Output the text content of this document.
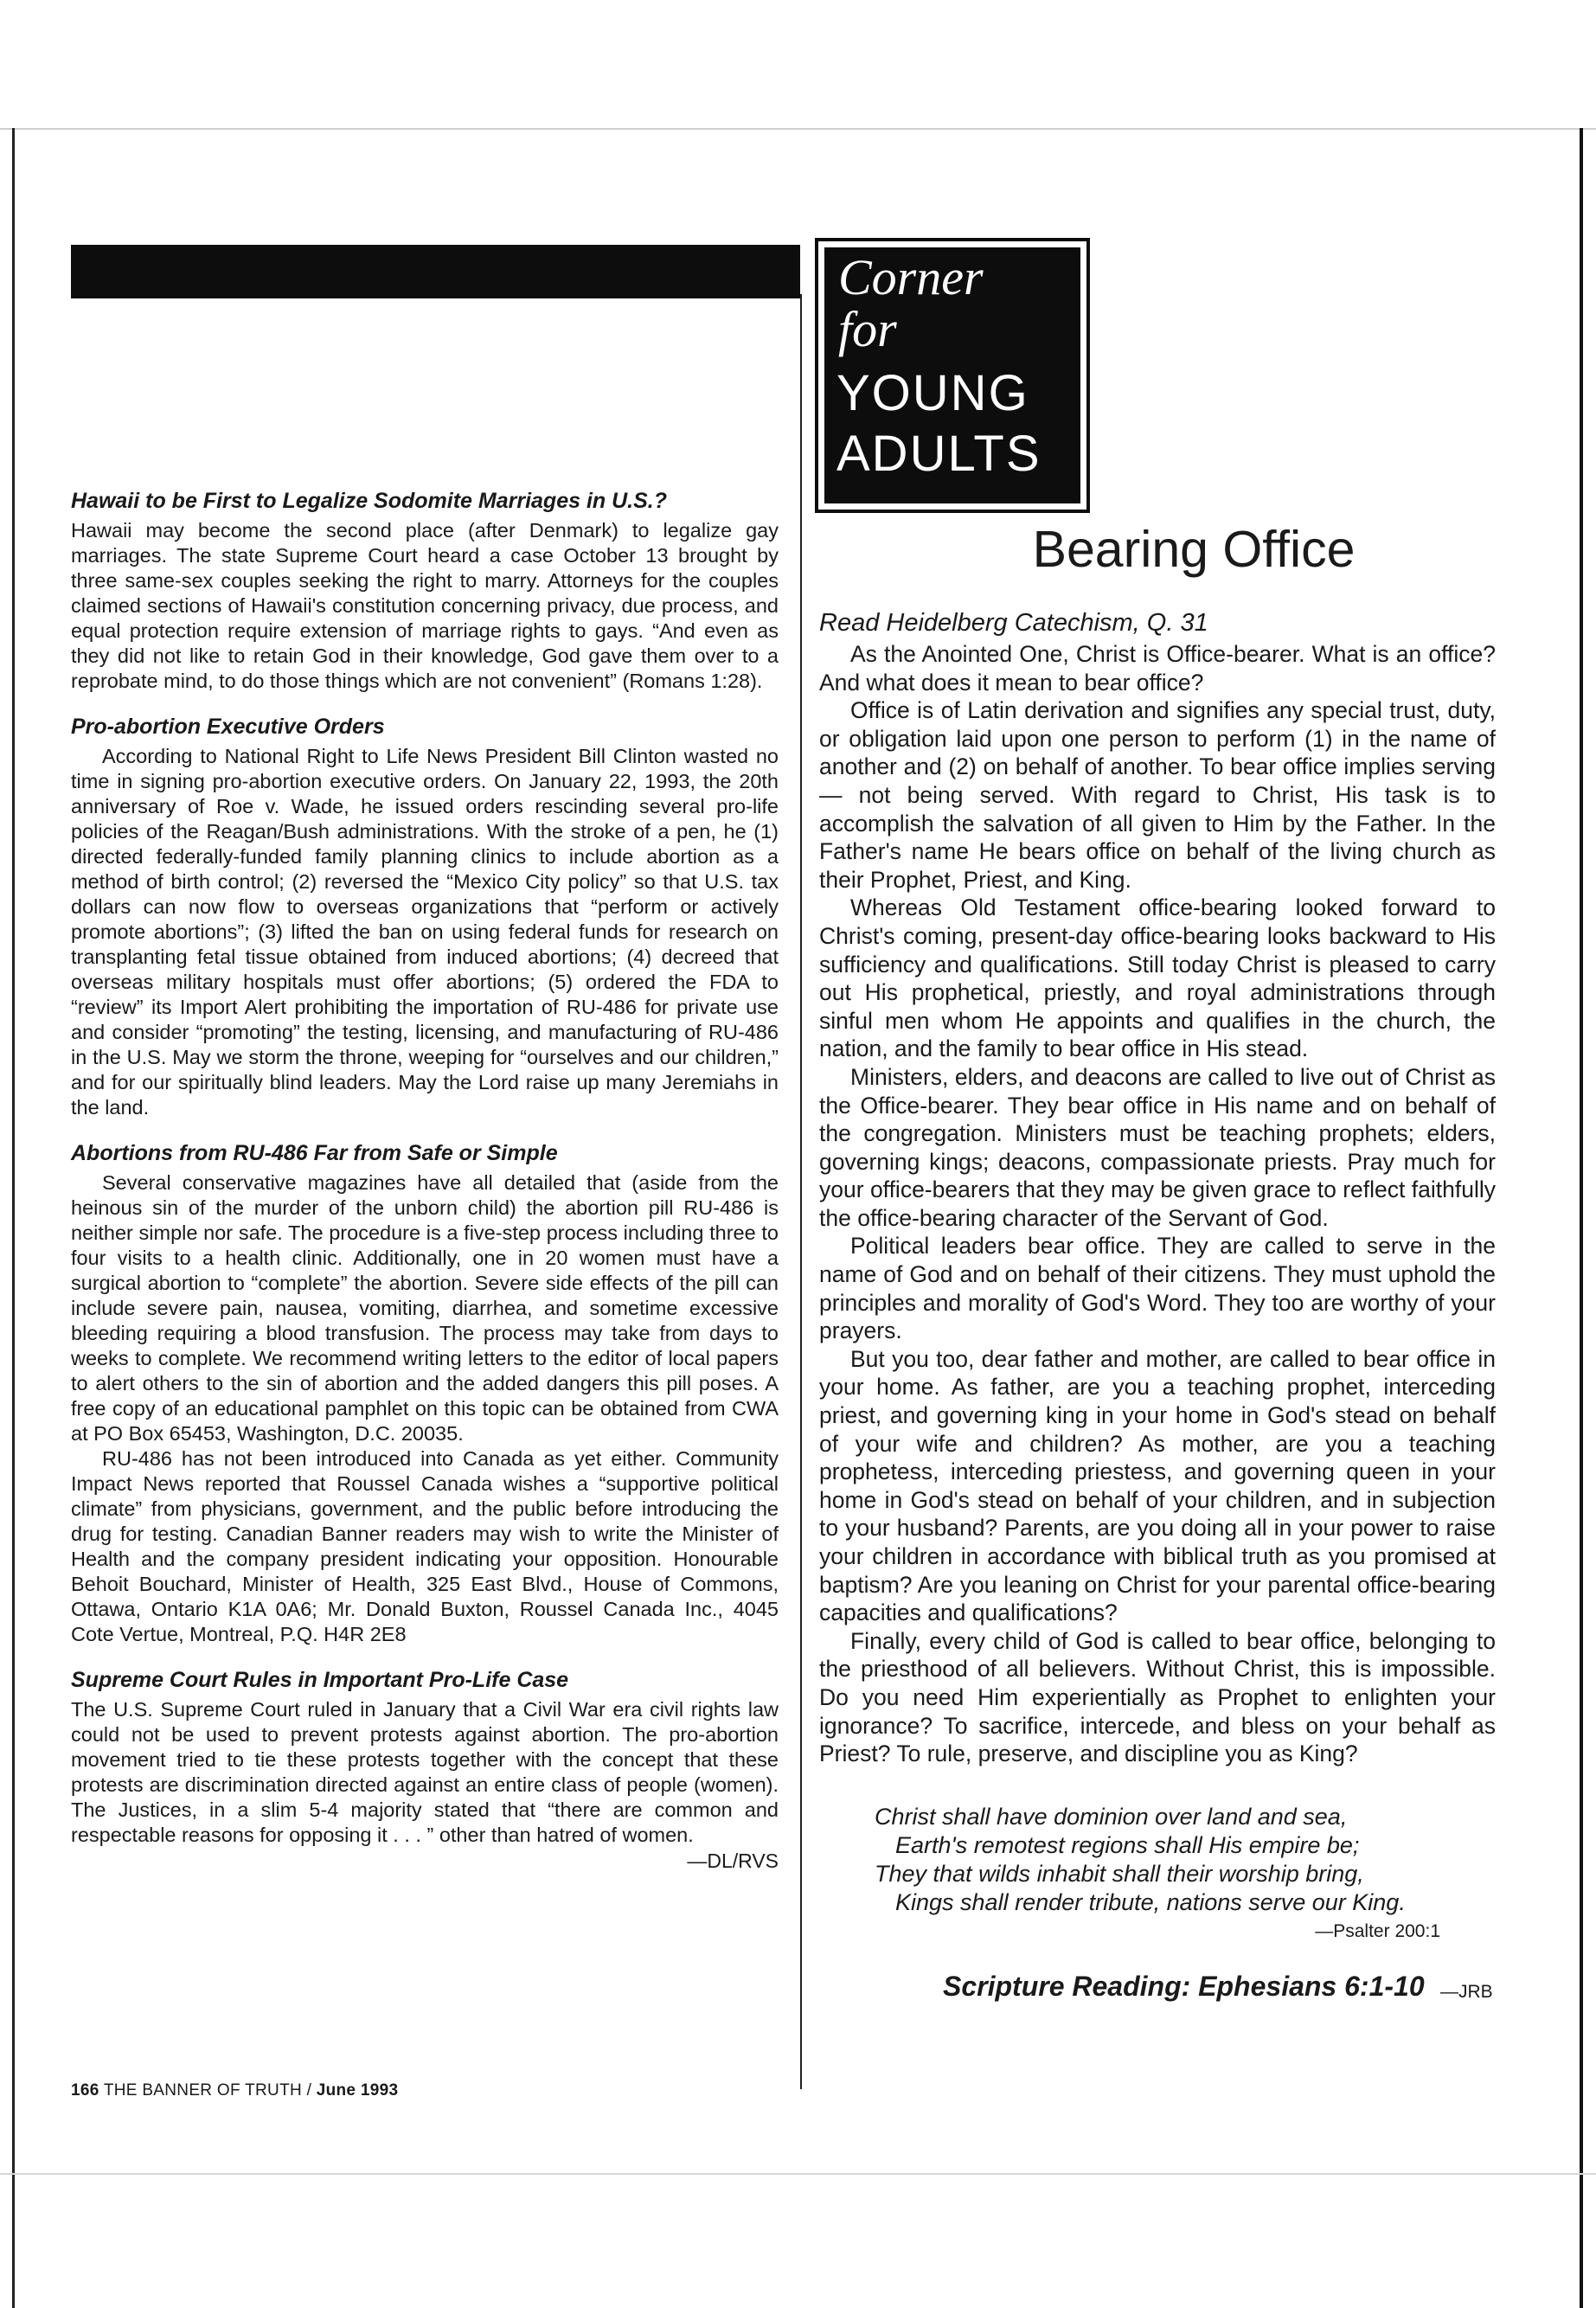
Corner
for
YOUNG
ADULTS
Hawaii to be First to Legalize Sodomite Marriages in U.S.?

Hawaii may become the second place (after Denmark) to legalize gay marriages. The state Supreme Court heard a case October 13 brought by three same-sex couples seeking the right to marry. Attorneys for the couples claimed sections of Hawaii's constitution concerning privacy, due process, and equal protection require extension of marriage rights to gays. “And even as they did not like to retain God in their knowledge, God gave them over to a reprobate mind, to do those things which are not convenient” (Romans 1:28).

Pro-abortion Executive Orders

According to National Right to Life News President Bill Clinton wasted no time in signing pro-abortion executive orders. On January 22, 1993, the 20th anniversary of Roe v. Wade, he issued orders rescinding several pro-life policies of the Reagan/Bush administrations. With the stroke of a pen, he (1) directed federally-funded family planning clinics to include abortion as a method of birth control; (2) reversed the “Mexico City policy” so that U.S. tax dollars can now flow to overseas organizations that “perform or actively promote abortions”; (3) lifted the ban on using federal funds for research on transplanting fetal tissue obtained from induced abortions; (4) decreed that overseas military hospitals must offer abortions; (5) ordered the FDA to “review” its Import Alert prohibiting the importation of RU-486 for private use and consider “promoting” the testing, licensing, and manufacturing of RU-486 in the U.S. May we storm the throne, weeping for “ourselves and our children,” and for our spiritually blind leaders. May the Lord raise up many Jeremiahs in the land.

Abortions from RU-486 Far from Safe or Simple

Several conservative magazines have all detailed that (aside from the heinous sin of the murder of the unborn child) the abortion pill RU-486 is neither simple nor safe. The procedure is a five-step process including three to four visits to a health clinic. Additionally, one in 20 women must have a surgical abortion to “complete” the abortion. Severe side effects of the pill can include severe pain, nausea, vomiting, diarrhea, and sometime excessive bleeding requiring a blood transfusion. The process may take from days to weeks to complete. We recommend writing letters to the editor of local papers to alert others to the sin of abortion and the added dangers this pill poses. A free copy of an educational pamphlet on this topic can be obtained from CWA at PO Box 65453, Washington, D.C. 20035.

RU-486 has not been introduced into Canada as yet either. Community Impact News reported that Roussel Canada wishes a “supportive political climate” from physicians, government, and the public before introducing the drug for testing. Canadian Banner readers may wish to write the Minister of Health and the company president indicating your opposition. Honourable Behoit Bouchard, Minister of Health, 325 East Blvd., House of Commons, Ottawa, Ontario K1A 0A6; Mr. Donald Buxton, Roussel Canada Inc., 4045 Cote Vertue, Montreal, P.Q. H4R 2E8

Supreme Court Rules in Important Pro-Life Case

The U.S. Supreme Court ruled in January that a Civil War era civil rights law could not be used to prevent protests against abortion. The pro-abortion movement tried to tie these protests together with the concept that these protests are discrimination directed against an entire class of people (women). The Justices, in a slim 5-4 majority stated that “there are common and respectable reasons for opposing it . . . ” other than hatred of women.

—DL/RVS
Bearing Office
Read Heidelberg Catechism, Q. 31

As the Anointed One, Christ is Office-bearer. What is an office? And what does it mean to bear office?

Office is of Latin derivation and signifies any special trust, duty, or obligation laid upon one person to perform (1) in the name of another and (2) on behalf of another. To bear office implies serving — not being served. With regard to Christ, His task is to accomplish the salvation of all given to Him by the Father. In the Father's name He bears office on behalf of the living church as their Prophet, Priest, and King.

Whereas Old Testament office-bearing looked forward to Christ's coming, present-day office-bearing looks backward to His sufficiency and qualifications. Still today Christ is pleased to carry out His prophetical, priestly, and royal administrations through sinful men whom He appoints and qualifies in the church, the nation, and the family to bear office in His stead.

Ministers, elders, and deacons are called to live out of Christ as the Office-bearer. They bear office in His name and on behalf of the congregation. Ministers must be teaching prophets; elders, governing kings; deacons, compassionate priests. Pray much for your office-bearers that they may be given grace to reflect faithfully the office-bearing character of the Servant of God.

Political leaders bear office. They are called to serve in the name of God and on behalf of their citizens. They must uphold the principles and morality of God's Word. They too are worthy of your prayers.

But you too, dear father and mother, are called to bear office in your home. As father, are you a teaching prophet, interceding priest, and governing king in your home in God's stead on behalf of your wife and children? As mother, are you a teaching prophetess, interceding priestess, and governing queen in your home in God's stead on behalf of your children, and in subjection to your husband? Parents, are you doing all in your power to raise your children in accordance with biblical truth as you promised at baptism? Are you leaning on Christ for your parental office-bearing capacities and qualifications?

Finally, every child of God is called to bear office, belonging to the priesthood of all believers. Without Christ, this is impossible. Do you need Him experientially as Prophet to enlighten your ignorance? To sacrifice, intercede, and bless on your behalf as Priest? To rule, preserve, and discipline you as King?

Christ shall have dominion over land and sea,
Earth's remotest regions shall His empire be;
They that wilds inhabit shall their worship bring,
Kings shall render tribute, nations serve our King.
—Psalter 200:1
Scripture Reading: Ephesians 6:1-10 —JRB
166 THE BANNER OF TRUTH / June 1993
